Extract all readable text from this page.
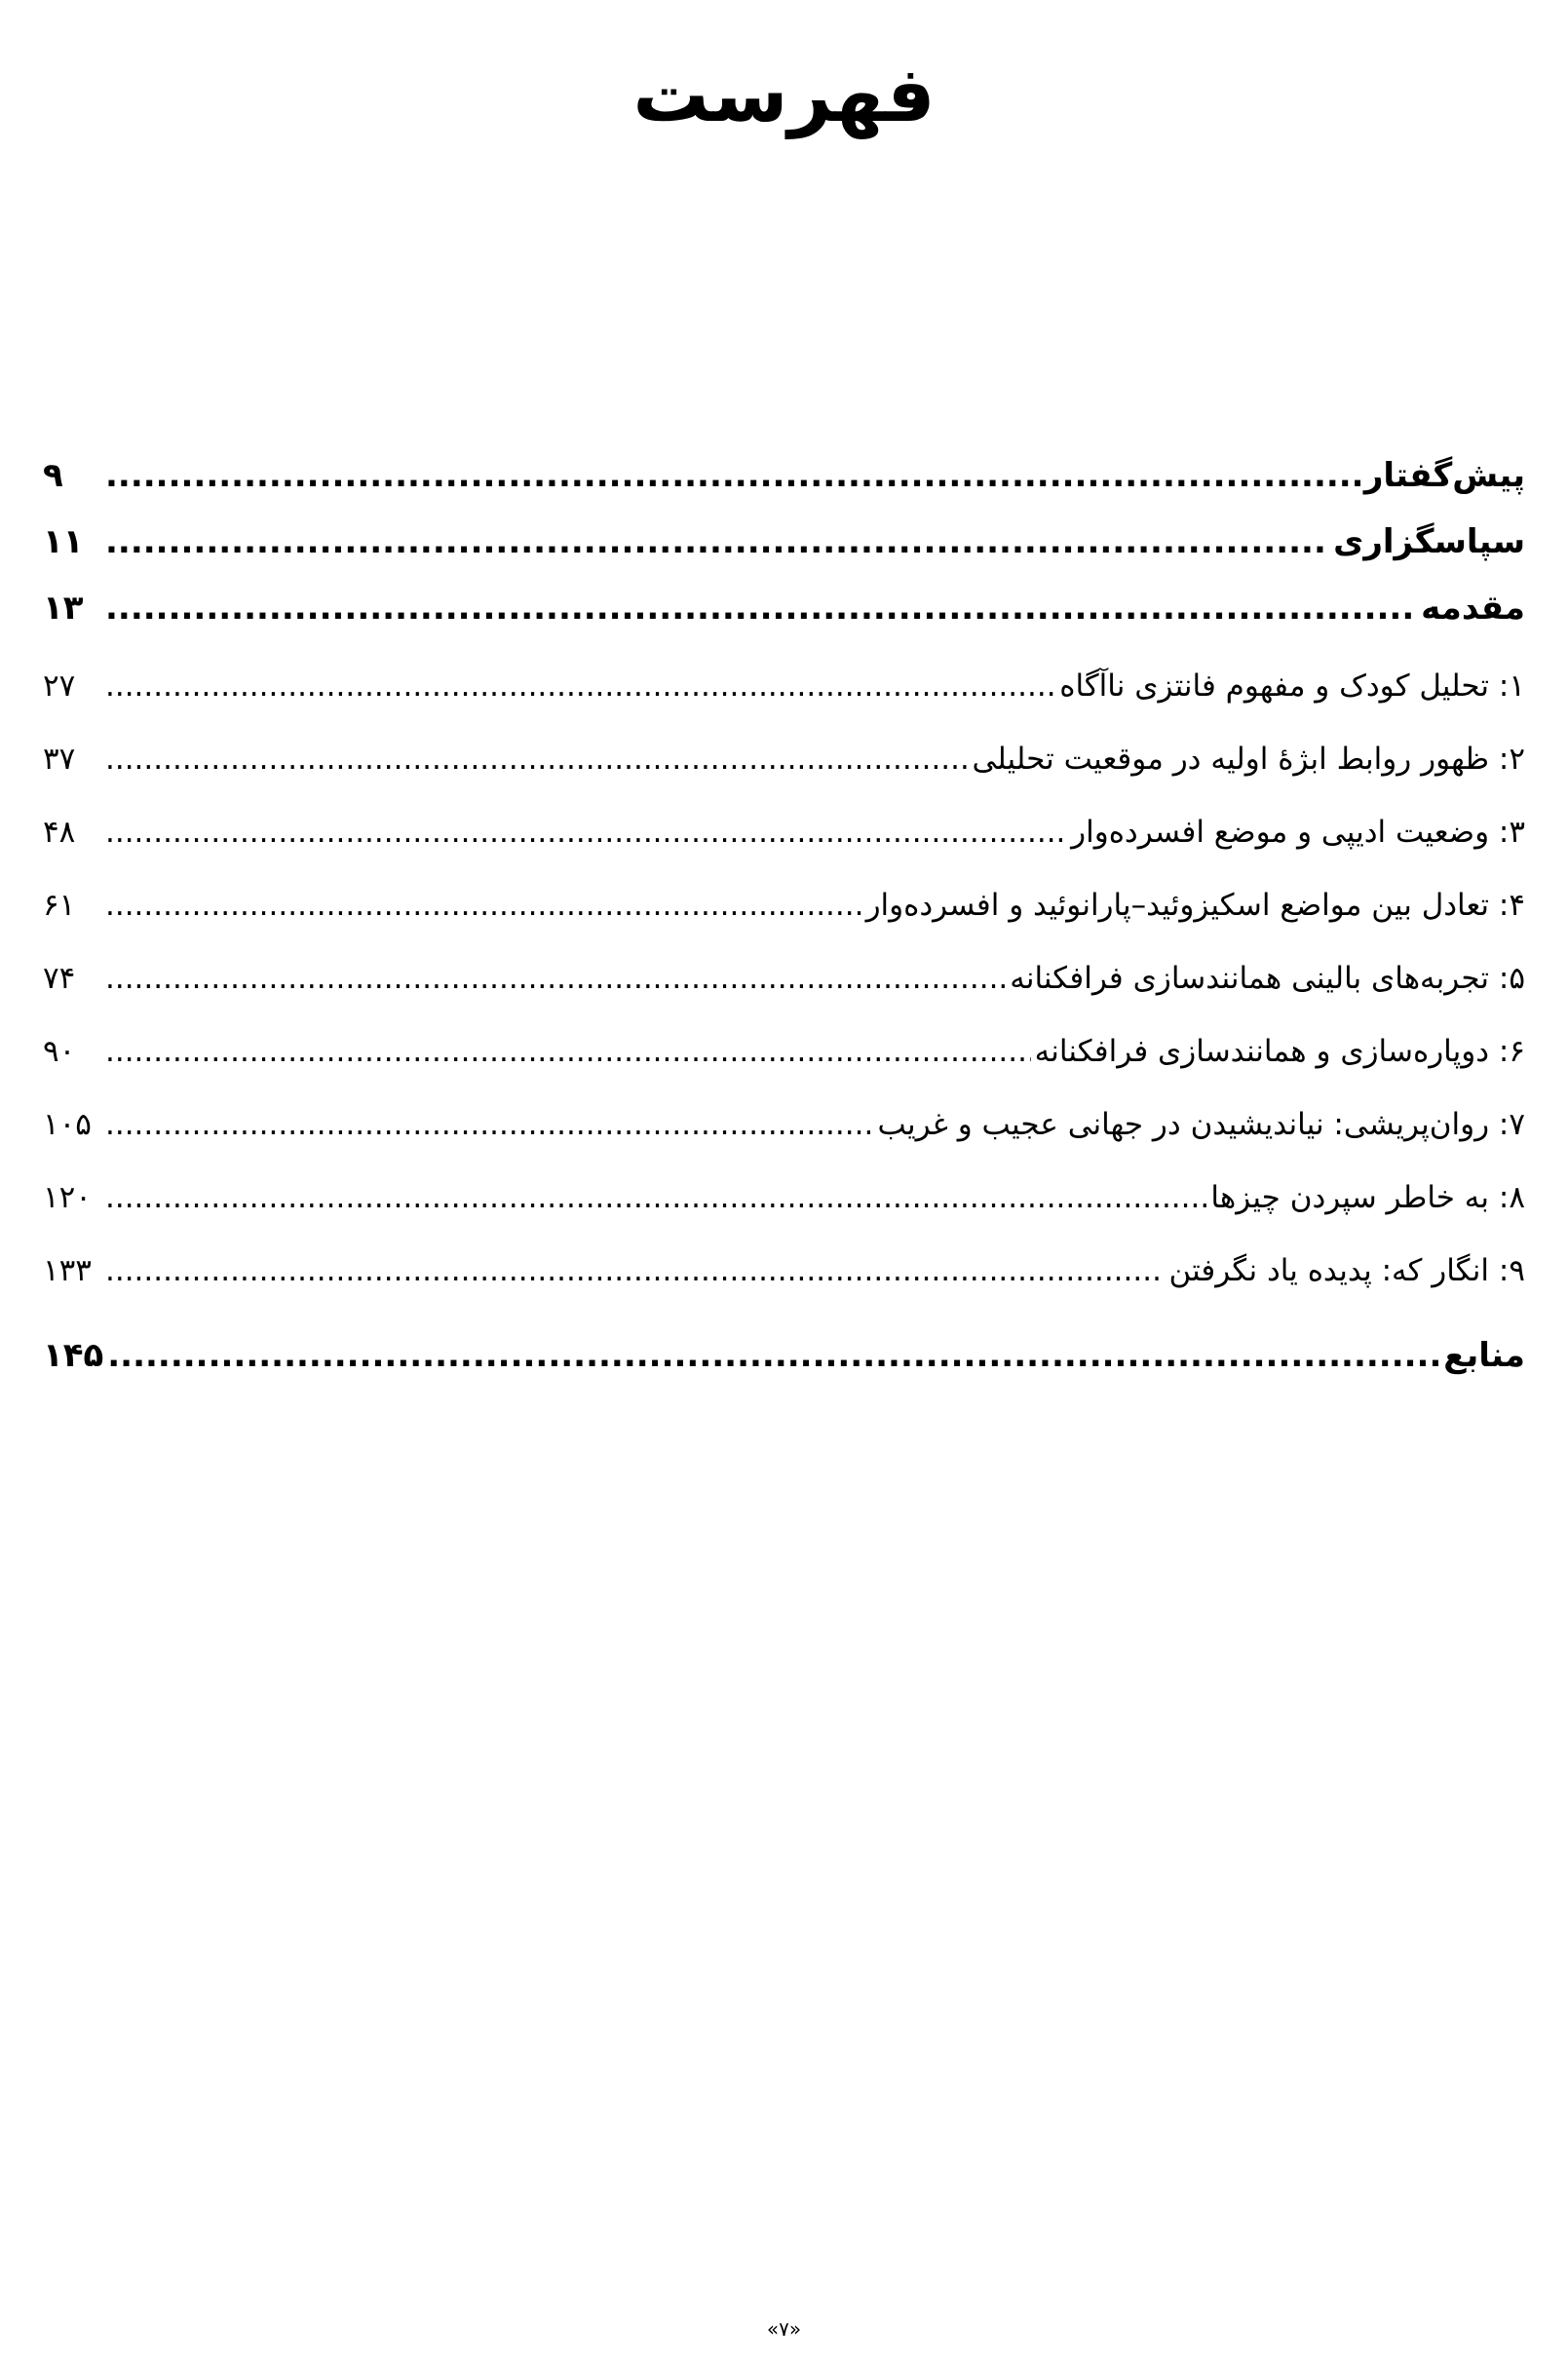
فهرست
پیش‌گفتار
.....
۹
سپاسگزاری
.....
۱۱
مقدمه
.....
۱۳
۱: تحلیل کودک و مفهوم فانتزی ناآگاه
.....
۲۷
۲: ظهور روابط ابژۀ اولیه در موقعیت تحلیلی
.....
۳۷
۳: وضعیت ادیپی و موضع افسرده‌وار
.....
۴۸
۴: تعادل بین مواضع اسکیزوئید–پارانوئید و افسرده‌وار
.....
۶۱
۵: تجربه‌های بالینی همانندسازی فرافکنانه
.....
۷۴
۶: دوپاره‌سازی و همانندسازی فرافکنانه
.....
۹۰
۷: روان‌پریشی: نیاندیشیدن در جهانی عجیب و غریب
.....
۱۰۵
۸: به خاطر سپردن چیزها
.....
۱۲۰
۹: انگار که: پدیده یاد نگرفتن
.....
۱۳۳
منابع
.....
۱۴۵
«۷»
